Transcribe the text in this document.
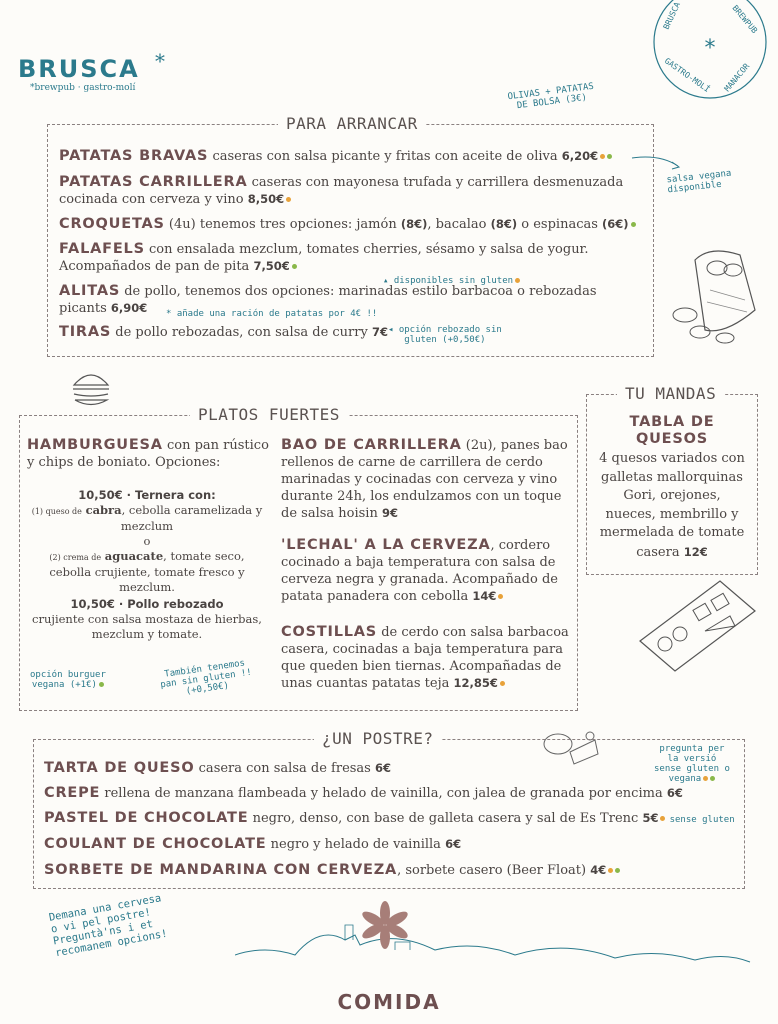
BRUSCA *
*brewpub · gastro-molí
*
BRUSCA	BREWPUB
GASTRO-MOLÍ MANACOR
OLIVAS + PATATAS
DE BOLSA (3€)
PARA ARRANCAR
PATATAS BRAVAS caseras con salsa picante y fritas con aceite de oliva 6,20€
PATATAS CARRILLERA caseras con mayonesa trufada y carrillera desmenuzada
cocinada con cerveza y vino 8,50€
CROQUETAS (4u) tenemos tres opciones: jamón (8€), bacalao (8€) o espinacas (6€)
FALAFELS con ensalada mezclum, tomates cherries, sésamo y salsa de yogur.
Acompañados de pan de pita 7,50€
ALITAS de pollo, tenemos dos opciones: marinadas estilo barbacoa o rebozadas
picants 6,90€
TIRAS de pollo rebozadas, con salsa de curry 7€ ◂ opción rebozado sin
gluten (+0,50€)
▴ disponibles sin gluten
* añade una ración de patatas por 4€ !!
salsa vegana
disponible
PLATOS FUERTES
HAMBURGUESA con pan rústico
y chips de boniato. Opciones:
10,50€ · Ternera con:
(1) queso de cabra, cebolla caramelizada y
mezclum
o
(2) crema de aguacate, tomate seco,
cebolla crujiente, tomate fresco y
mezclum.
10,50€ · Pollo rebozado
crujiente con salsa mostaza de hierbas,
mezclum y tomate.
opción burguer
vegana (+1€)
También tenemos
pan sin gluten !!
(+0,50€)
BAO DE CARRILLERA (2u), panes bao
rellenos de carne de carrillera de cerdo
marinadas y cocinadas con cerveza y vino
durante 24h, los endulzamos con un toque
de salsa hoisin 9€
'LECHAL' A LA CERVEZA, cordero
cocinado a baja temperatura con salsa de
cerveza negra y granada. Acompañado de
patata panadera con cebolla 14€
COSTILLAS de cerdo con salsa barbacoa
casera, cocinadas a baja temperatura para
que queden bien tiernas. Acompañadas de
unas cuantas patatas teja 12,85€
TU MANDAS
TABLA DE
QUESOS
4 quesos variados con
galletas mallorquinas
Gori, orejones,
nueces, membrillo y
mermelada de tomate
casera 12€
¿UN POSTRE?
TARTA DE QUESO casera con salsa de fresas 6€
CREPE rellena de manzana flambeada y helado de vainilla, con jalea de granada por encima 6€
PASTEL DE CHOCOLATE negro, denso, con base de galleta casera y sal de Es Trenc 5€ sense gluten
COULANT DE CHOCOLATE negro y helado de vainilla 6€
SORBETE DE MANDARINA CON CERVEZA, sorbete casero (Beer Float) 4€
pregunta per
la versió
sense gluten o
vegana
Demana una cervesa
o vi pel postre!
Preguntà'ns i et
recomanem opcions!
COMIDA
